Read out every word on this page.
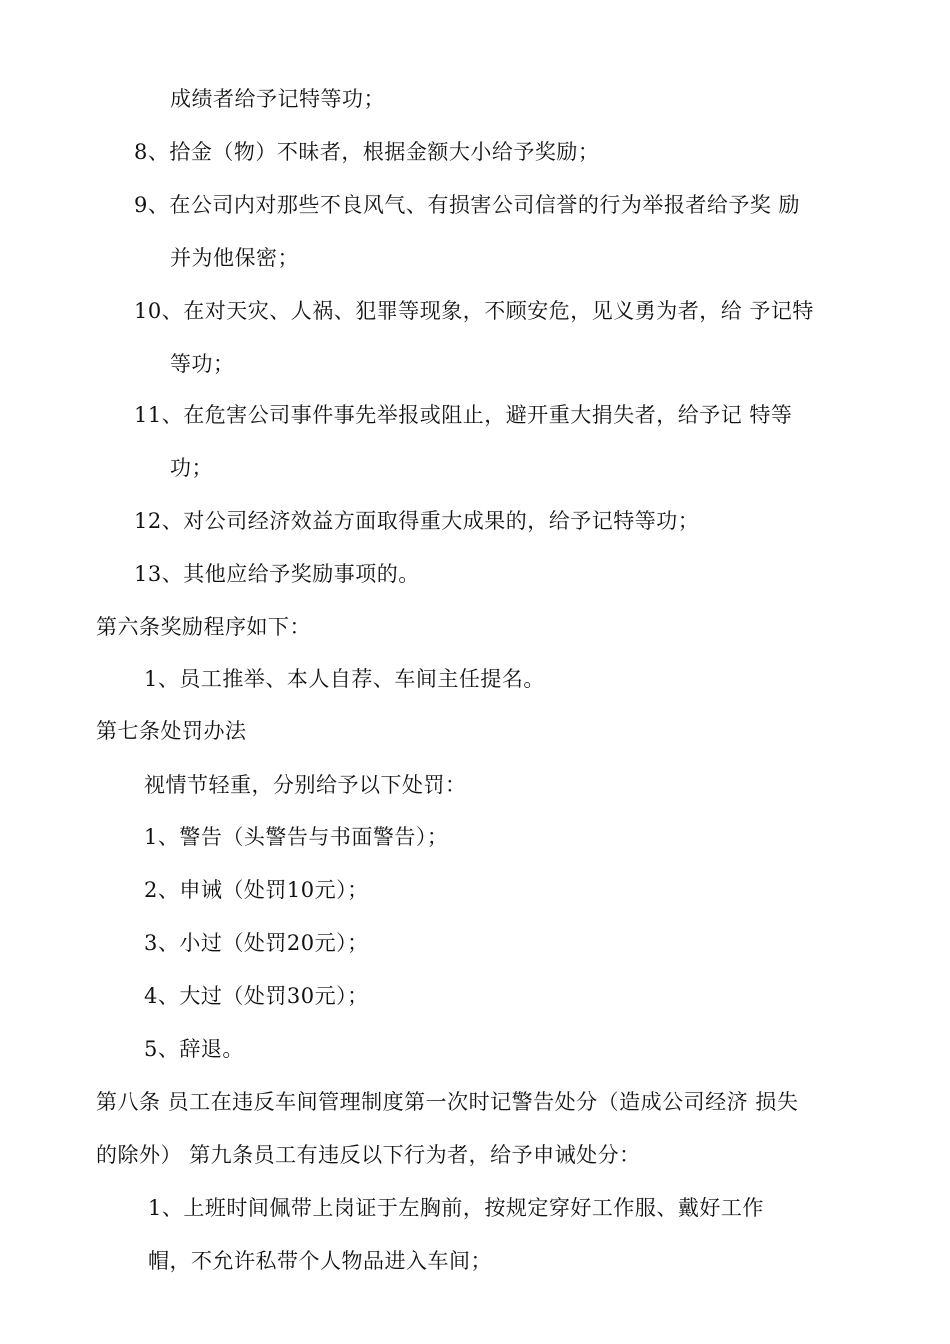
成绩者给予记特等功；
8、拾金（物）不昧者，根据金额大小给予奖励；
9、在公司内对那些不良风气、有损害公司信誉的行为举报者给予奖 励
并为他保密；
10、在对天灾、人祸、犯罪等现象，不顾安危，见义勇为者，给 予记特
等功；
11、在危害公司事件事先举报或阻止，避开重大捐失者，给予记 特等
功；
12、对公司经济效益方面取得重大成果的，给予记特等功；
13、其他应给予奖励事项的。
第六条奖励程序如下：
1、员工推举、本人自荐、车间主任提名。
第七条处罚办法
视情节轻重，分别给予以下处罚：
1、警告（头警告与书面警告）；
2、申诫（处罚10元）；
3、小过（处罚20元）；
4、大过（处罚30元）；
5、辞退。
第八条 员工在违反车间管理制度第一次时记警告处分（造成公司经济 损失
的除外） 第九条员工有违反以下行为者，给予申诫处分：
1、上班时间佩带上岗证于左胸前，按规定穿好工作服、戴好工作
帽，不允许私带个人物品进入车间；
